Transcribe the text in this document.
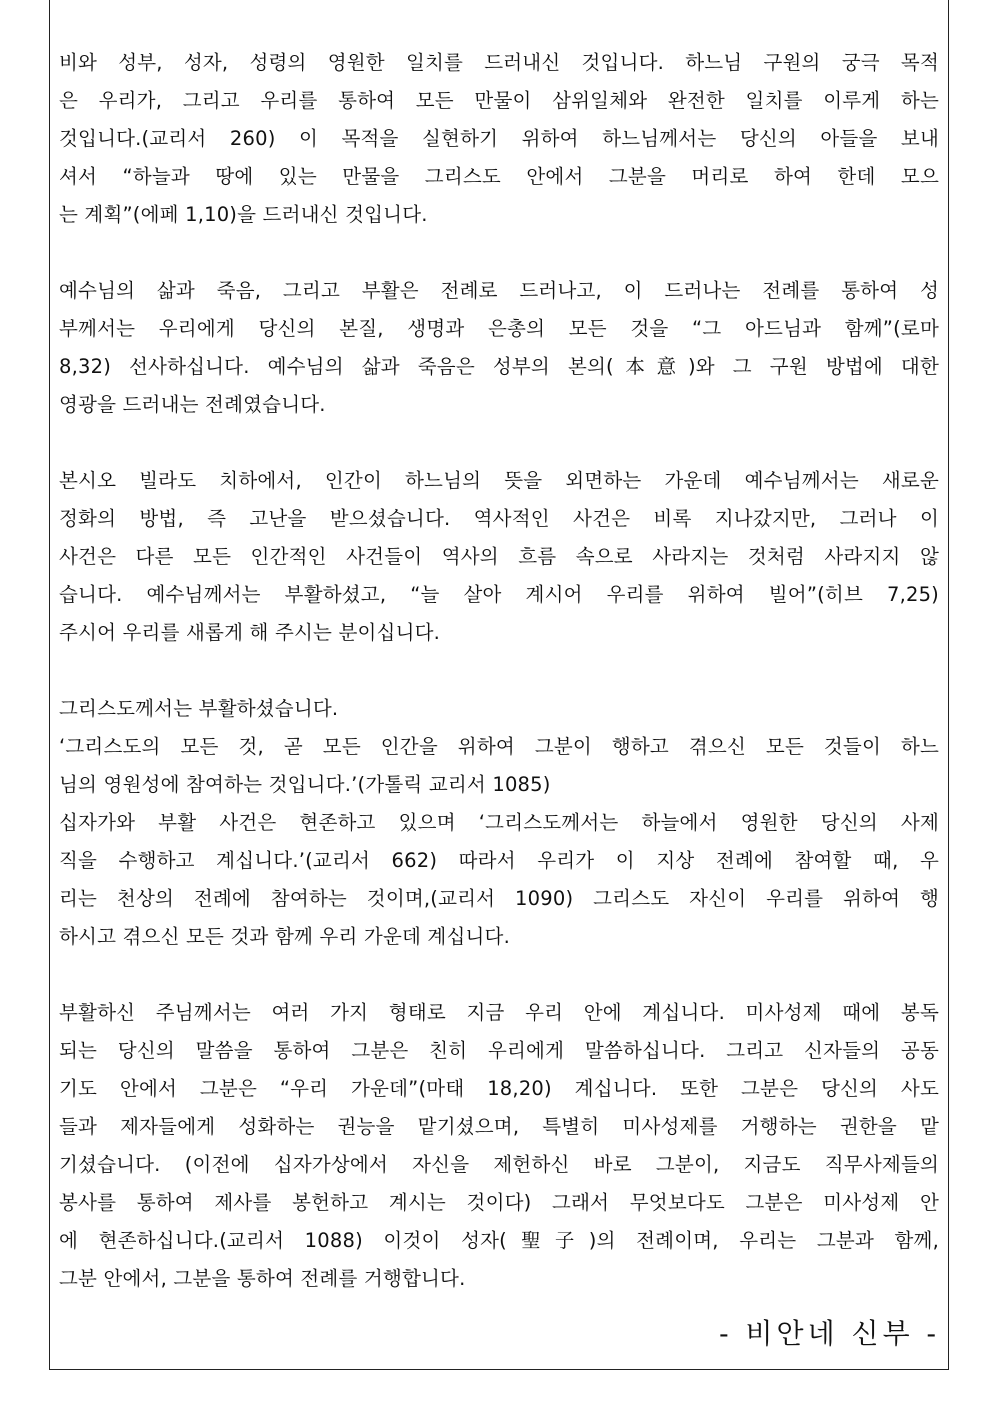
비와 성부, 성자, 성령의 영원한 일치를 드러내신 것입니다. 하느님 구원의 궁극 목적
은 우리가, 그리고 우리를 통하여 모든 만물이 삼위일체와 완전한 일치를 이루게 하는
것입니다.(교리서 260) 이 목적을 실현하기 위하여 하느님께서는 당신의 아들을 보내
셔서 “하늘과 땅에 있는 만물을 그리스도 안에서 그분을 머리로 하여 한데 모으
는 계획”(에페 1,10)을 드러내신 것입니다.
예수님의 삶과 죽음, 그리고 부활은 전례로 드러나고, 이 드러나는 전례를 통하여 성
부께서는 우리에게 당신의 본질, 생명과 은총의 모든 것을 “그 아드님과 함께”(로마
8,32) 선사하십니다. 예수님의 삶과 죽음은 성부의 본의(本意)와 그 구원 방법에 대한
영광을 드러내는 전례였습니다.
본시오 빌라도 치하에서, 인간이 하느님의 뜻을 외면하는 가운데 예수님께서는 새로운
정화의 방법, 즉 고난을 받으셨습니다. 역사적인 사건은 비록 지나갔지만, 그러나 이
사건은 다른 모든 인간적인 사건들이 역사의 흐름 속으로 사라지는 것처럼 사라지지 않
습니다. 예수님께서는 부활하셨고, “늘 살아 계시어 우리를 위하여 빌어”(히브 7,25)
주시어 우리를 새롭게 해 주시는 분이십니다.
그리스도께서는 부활하셨습니다.
‘그리스도의 모든 것, 곧 모든 인간을 위하여 그분이 행하고 겪으신 모든 것들이 하느
님의 영원성에 참여하는 것입니다.’(가톨릭 교리서 1085)
십자가와 부활 사건은 현존하고 있으며 ‘그리스도께서는 하늘에서 영원한 당신의 사제
직을 수행하고 계십니다.’(교리서 662) 따라서 우리가 이 지상 전례에 참여할 때, 우
리는 천상의 전례에 참여하는 것이며,(교리서 1090) 그리스도 자신이 우리를 위하여 행
하시고 겪으신 모든 것과 함께 우리 가운데 계십니다.
부활하신 주님께서는 여러 가지 형태로 지금 우리 안에 계십니다. 미사성제 때에 봉독
되는 당신의 말씀을 통하여 그분은 친히 우리에게 말씀하십니다. 그리고 신자들의 공동
기도 안에서 그분은 “우리 가운데”(마태 18,20) 계십니다. 또한 그분은 당신의 사도
들과 제자들에게 성화하는 권능을 맡기셨으며, 특별히 미사성제를 거행하는 권한을 맡
기셨습니다. (이전에 십자가상에서 자신을 제헌하신 바로 그분이, 지금도 직무사제들의
봉사를 통하여 제사를 봉헌하고 계시는 것이다) 그래서 무엇보다도 그분은 미사성제 안
에 현존하십니다.(교리서 1088) 이것이 성자(聖子)의 전례이며, 우리는 그분과 함께,
그분 안에서, 그분을 통하여 전례를 거행합니다.
- 비안네 신부 -
